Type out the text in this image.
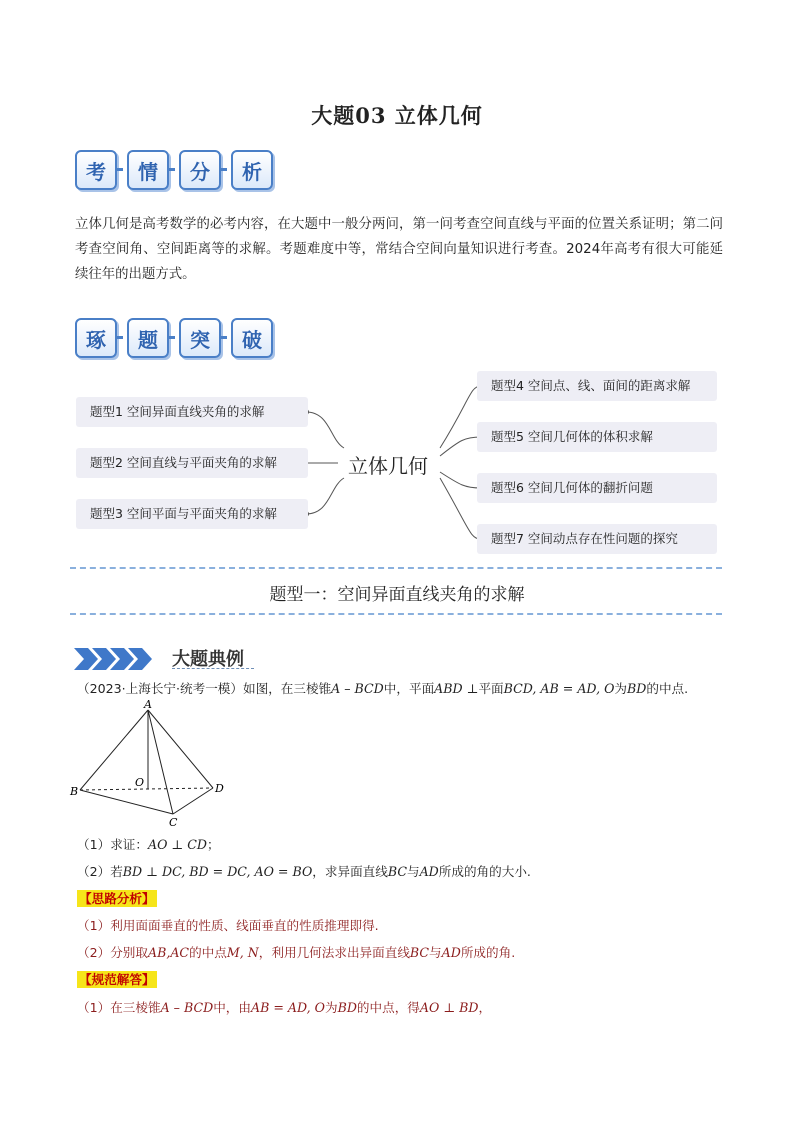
大题03 立体几何
考	情	分	析
立体几何是高考数学的必考内容，在大题中一般分两问，第一问考查空间直线与平面的位置关系证明；第二问考查空间角、空间距离等的求解。考题难度中等，常结合空间向量知识进行考查。2024年高考有很大可能延续往年的出题方式。
琢	题	突	破
题型1 空间异面直线夹角的求解
题型2 空间直线与平面夹角的求解
题型3 空间平面与平面夹角的求解
立体几何
题型4 空间点、线、面间的距离求解
题型5 空间几何体的体积求解
题型6 空间几何体的翻折问题
题型7 空间动点存在性问题的探究
题型一：空间异面直线夹角的求解
大题典例
（2023·上海长宁·统考一模）如图，在三棱锥A – BCD中，平面ABD ⊥平面BCD, AB = AD, O为BD的中点.
A
B
C
D
O
（1）求证：AO ⊥ CD；
（2）若BD ⊥ DC, BD = DC, AO = BO，求异面直线BC与AD所成的角的大小.
【思路分析】
（1）利用面面垂直的性质、线面垂直的性质推理即得.
（2）分别取AB,AC的中点M, N，利用几何法求出异面直线BC与AD所成的角.
【规范解答】
（1）在三棱锥A – BCD中，由AB = AD, O为BD的中点，得AO ⊥ BD，
